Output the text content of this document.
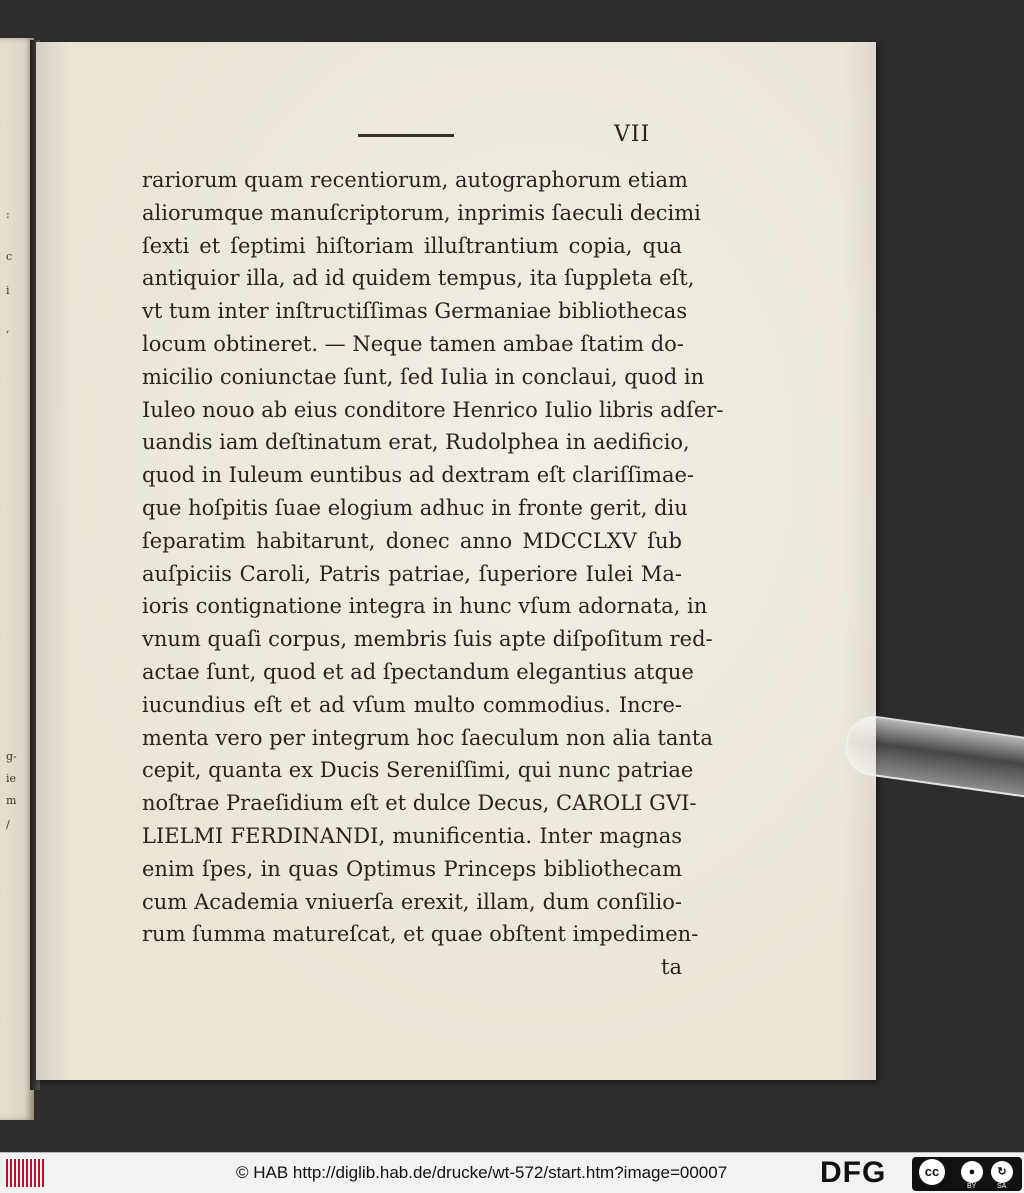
:
c
i
,
g-
ie
m
/
VII
rariorum quam recentiorum, autographorum etiam
aliorumque manuſcriptorum, inprimis ſaeculi decimi
ſexti et ſeptimi hiſtoriam illuſtrantium copia, qua
antiquior illa, ad id quidem tempus, ita ſuppleta eſt,
vt tum inter inſtructiſſimas Germaniae bibliothecas
locum obtineret. — Neque tamen ambae ſtatim do-
micilio coniunctae ſunt, ſed Iulia in conclaui, quod in
Iuleo nouo ab eius conditore Henrico Iulio libris adſer-
uandis iam deſtinatum erat, Rudolphea in aedificio,
quod in Iuleum euntibus ad dextram eſt clariſſimae-
que hoſpitis ſuae elogium adhuc in fronte gerit, diu
ſeparatim habitarunt, donec anno MDCCLXV ſub
auſpiciis Caroli, Patris patriae, ſuperiore Iulei Ma-
ioris contignatione integra in hunc vſum adornata, in
vnum quaſi corpus, membris ſuis apte diſpoſitum red-
actae ſunt, quod et ad ſpectandum elegantius atque
iucundius eſt et ad vſum multo commodius. Incre-
menta vero per integrum hoc ſaeculum non alia tanta
cepit, quanta ex Ducis Sereniſſimi, qui nunc patriae
noſtrae Praeſidium eſt et dulce Decus, CAROLI GVI-
LIELMI FERDINANDI, munificentia. Inter magnas
enim ſpes, in quas Optimus Princeps bibliothecam
cum Academia vniuerſa erexit, illam, dum conſilio-
rum ſumma matureſcat, et quae obſtent impedimen-
ta
© HAB http://diglib.hab.de/drucke/wt-572/start.htm?image=00007	DFG	cc	●	↻
BY	SA
